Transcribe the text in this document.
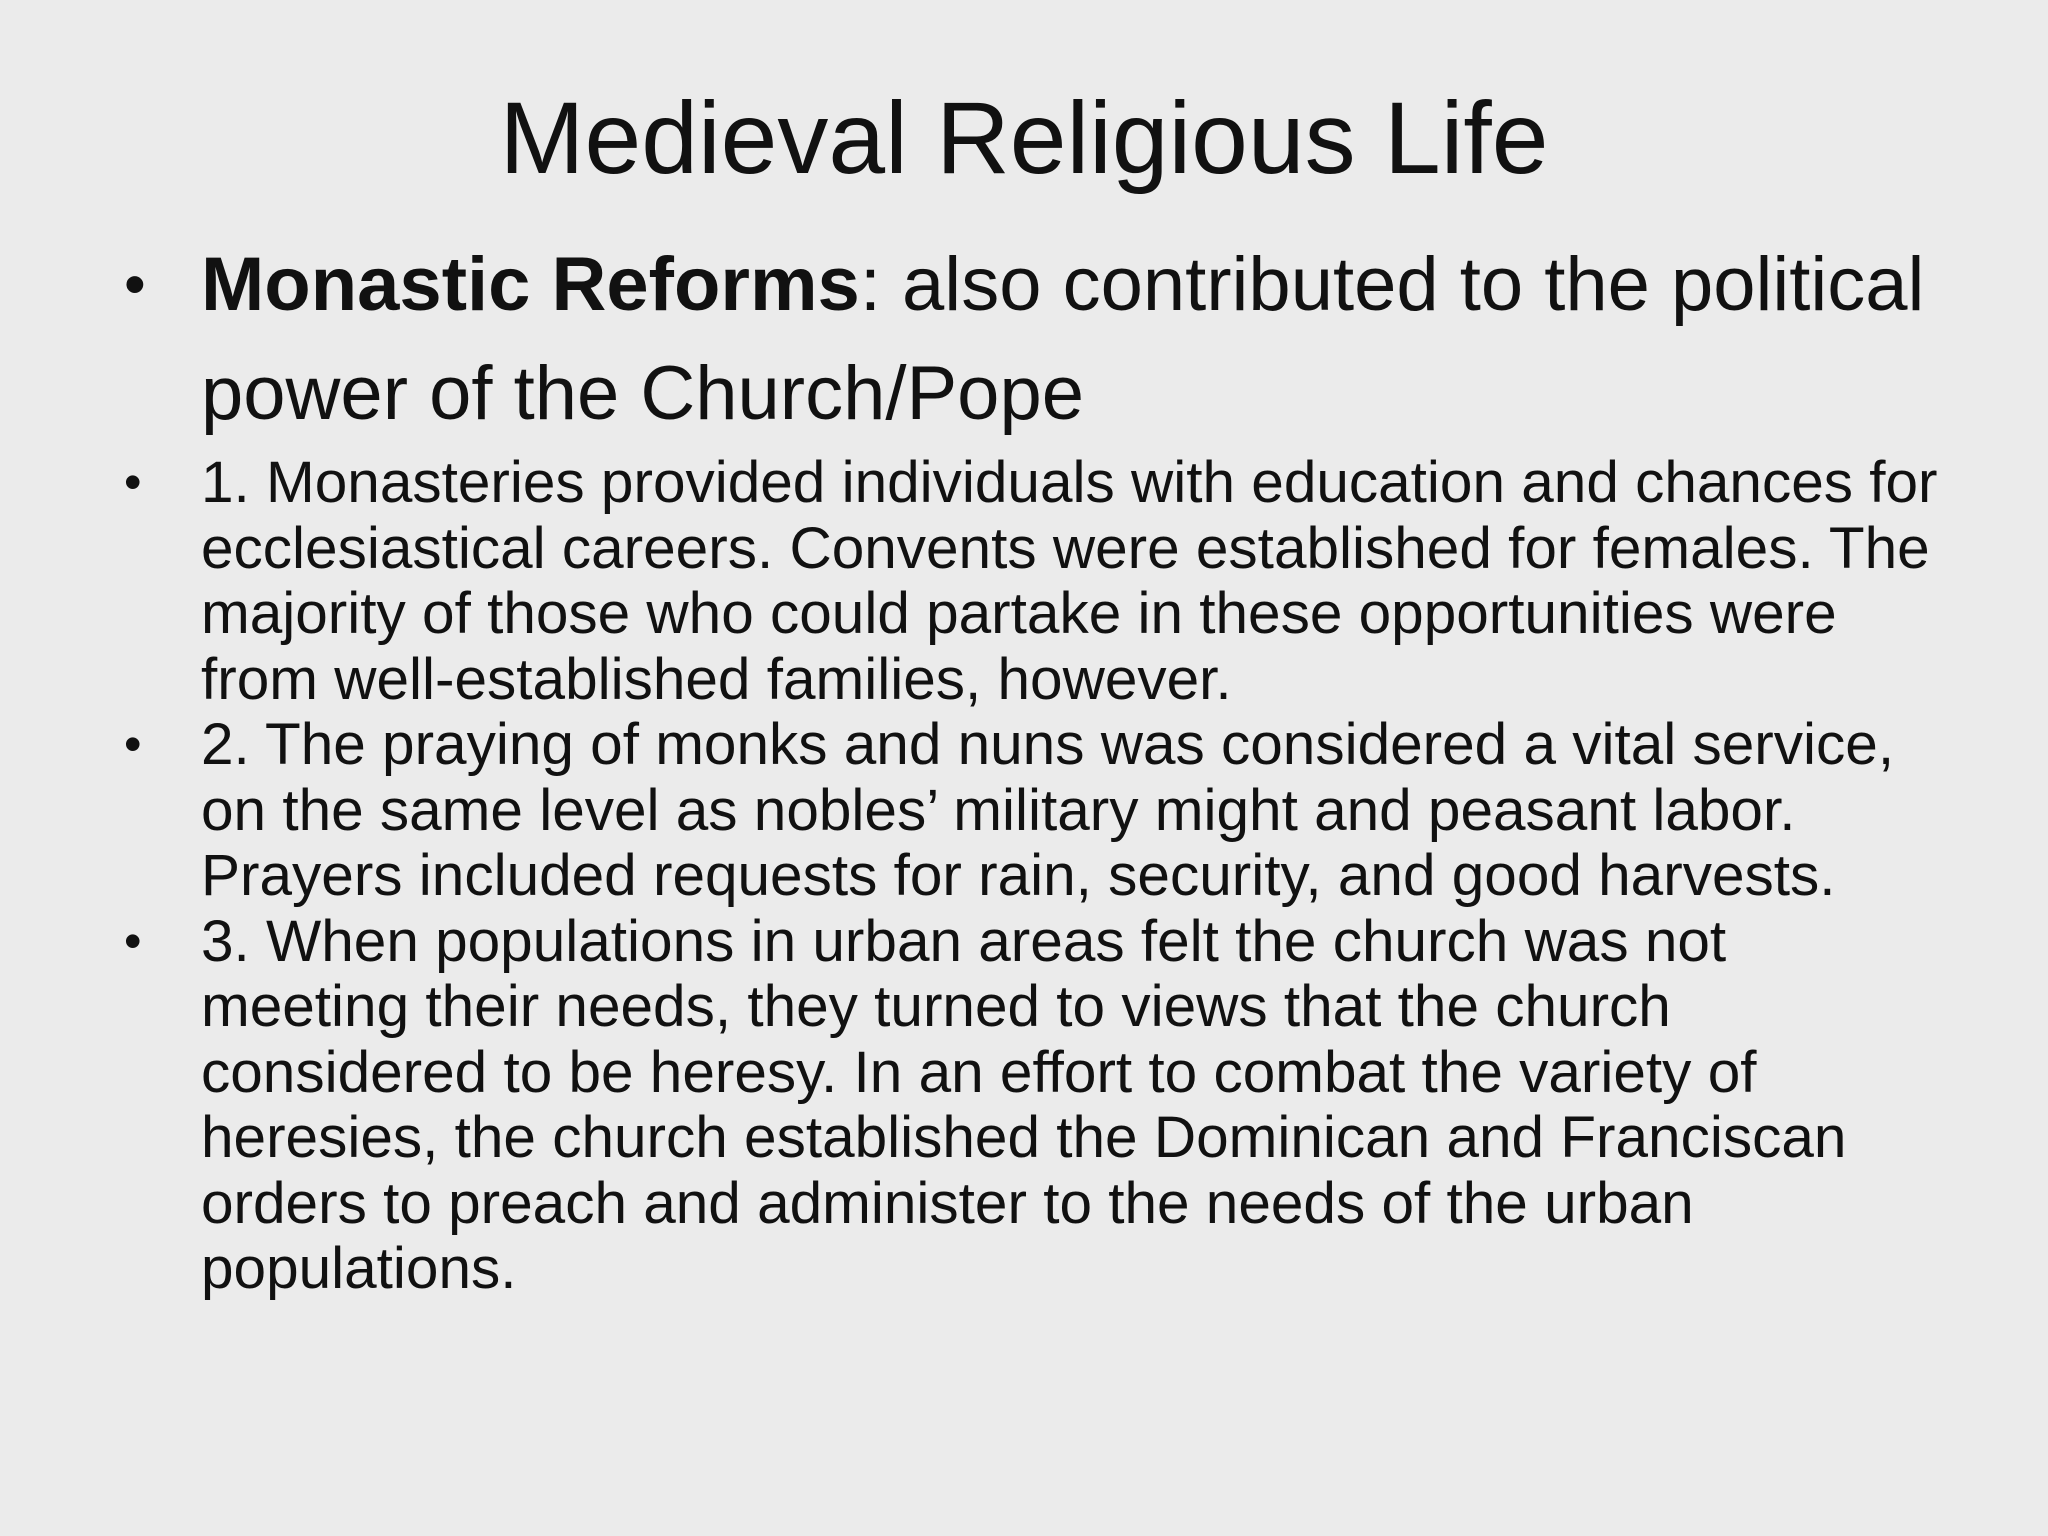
Medieval Religious Life
• Monastic Reforms: also contributed to the political power of the Church/Pope
• 1. Monasteries provided individuals with education and chances for ecclesiastical careers. Convents were established for females. The majority of those who could partake in these opportunities were from well-established families, however.
• 2. The praying of monks and nuns was considered a vital service, on the same level as nobles’ military might and peasant labor. Prayers included requests for rain, security, and good harvests.
• 3. When populations in urban areas felt the church was not meeting their needs, they turned to views that the church considered to be heresy. In an effort to combat the variety of heresies, the church established the Dominican and Franciscan orders to preach and administer to the needs of the urban populations.
